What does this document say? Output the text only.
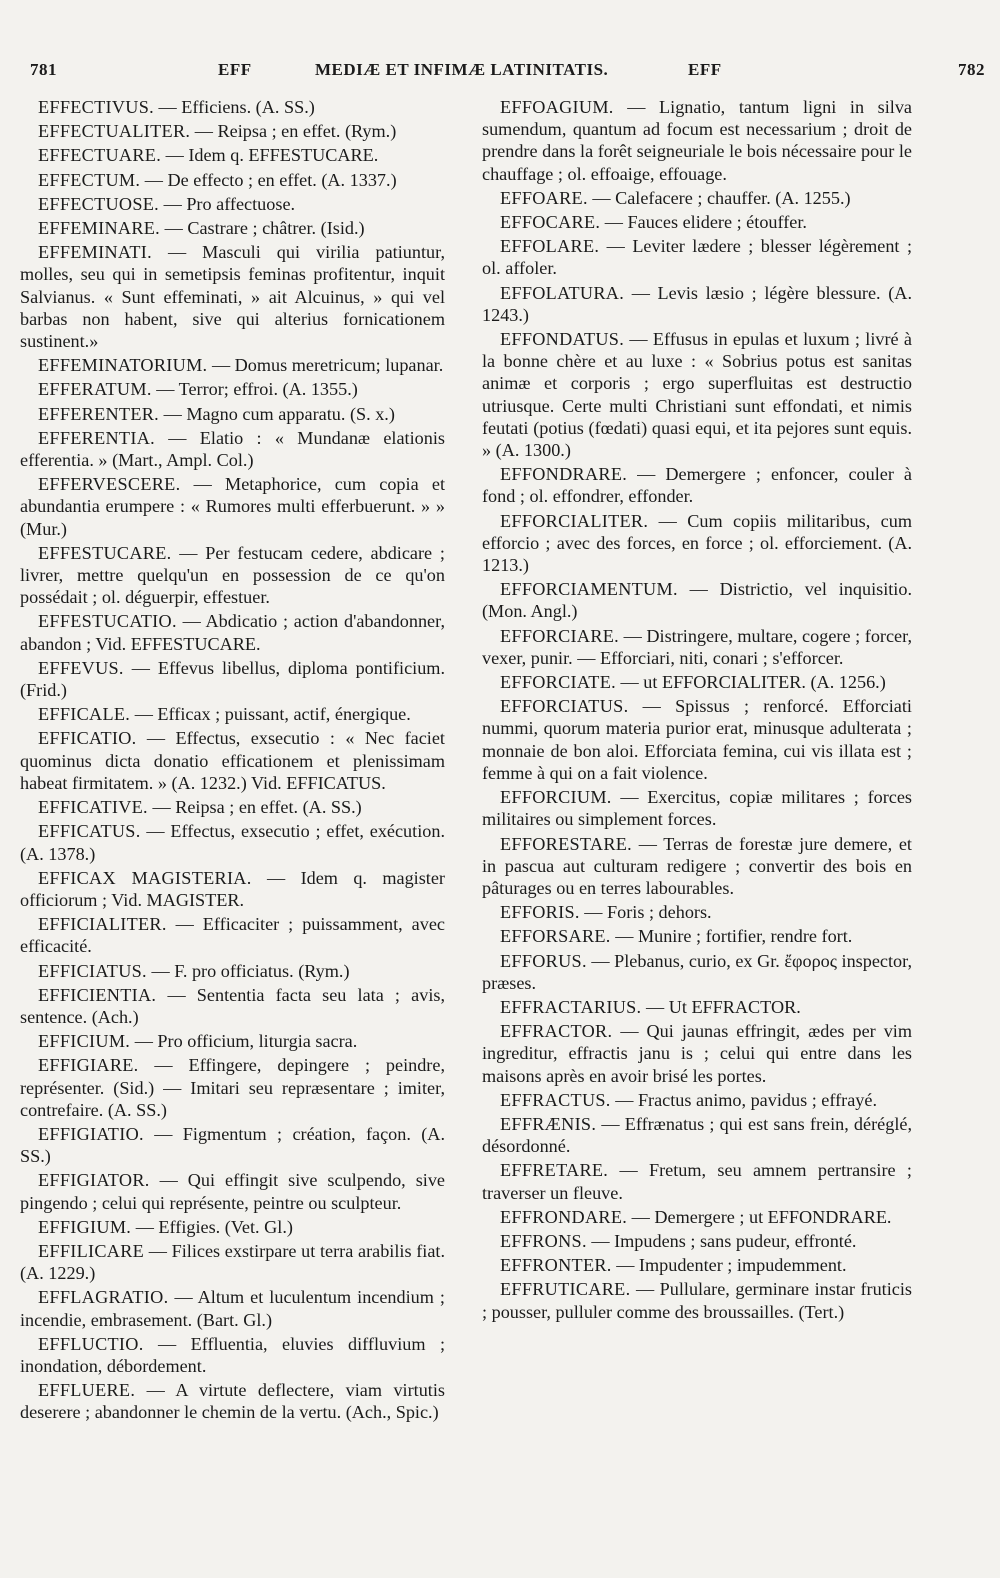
781	EFF	MEDIÆ ET INFIMÆ LATINITATIS.	EFF	782

EFFECTIVUS. — Efficiens. (A. SS.)

EFFECTUALITER. — Reipsa ; en effet. (Rym.)

EFFECTUARE. — Idem q. EFFESTUCARE.

EFFECTUM. — De effecto ; en effet. (A. 1337.)

EFFECTUOSE. — Pro affectuose.

EFFEMINARE. — Castrare ; châtrer. (Isid.)

EFFEMINATI. — Masculi qui virilia patiuntur, molles, seu qui in semetipsis feminas profitentur, inquit Salvianus. « Sunt effeminati, » ait Alcuinus, » qui vel barbas non habent, sive qui alterius fornicationem sustinent.»

EFFEMINATORIUM. — Domus meretricum; lupanar.

EFFERATUM. — Terror; effroi. (A. 1355.)

EFFERENTER. — Magno cum apparatu. (S. x.)

EFFERENTIA. — Elatio : « Mundanæ elationis efferentia. » (Mart., Ampl. Col.)

EFFERVESCERE. — Metaphorice, cum copia et abundantia erumpere : « Rumores multi efferbuerunt. » » (Mur.)

EFFESTUCARE. — Per festucam cedere, abdicare ; livrer, mettre quelqu'un en possession de ce qu'on possédait ; ol. déguerpir, effestuer.

EFFESTUCATIO. — Abdicatio ; action d'abandonner, abandon ; Vid. EFFESTUCARE.

EFFEVUS. — Effevus libellus, diploma pontificium. (Frid.)

EFFICALE. — Efficax ; puissant, actif, énergique.

EFFICATIO. — Effectus, exsecutio : « Nec faciet quominus dicta donatio efficationem et plenissimam habeat firmitatem. » (A. 1232.) Vid. EFFICATUS.

EFFICATIVE. — Reipsa ; en effet. (A. SS.)

EFFICATUS. — Effectus, exsecutio ; effet, exécution. (A. 1378.)

EFFICAX MAGISTERIA. — Idem q. magister officiorum ; Vid. MAGISTER.

EFFICIALITER. — Efficaciter ; puissamment, avec efficacité.

EFFICIATUS. — F. pro officiatus. (Rym.)

EFFICIENTIA. — Sententia facta seu lata ; avis, sentence. (Ach.)

EFFICIUM. — Pro officium, liturgia sacra.

EFFIGIARE. — Effingere, depingere ; peindre, représenter. (Sid.) — Imitari seu repræsentare ; imiter, contrefaire. (A. SS.)

EFFIGIATIO. — Figmentum ; création, façon. (A. SS.)

EFFIGIATOR. — Qui effingit sive sculpendo, sive pingendo ; celui qui représente, peintre ou sculpteur.

EFFIGIUM. — Effigies. (Vet. Gl.)

EFFILICARE — Filices exstirpare ut terra arabilis fiat. (A. 1229.)

EFFLAGRATIO. — Altum et luculentum incendium ; incendie, embrasement. (Bart. Gl.)

EFFLUCTIO. — Effluentia, eluvies diffluvium ; inondation, débordement.

EFFLUERE. — A virtute deflectere, viam virtutis deserere ; abandonner le chemin de la vertu. (Ach., Spic.)

EFFOAGIUM. — Lignatio, tantum ligni in silva sumendum, quantum ad focum est necessarium ; droit de prendre dans la forêt seigneuriale le bois nécessaire pour le chauffage ; ol. effoaige, effouage.

EFFOARE. — Calefacere ; chauffer. (A. 1255.)

EFFOCARE. — Fauces elidere ; étouffer.

EFFOLARE. — Leviter lædere ; blesser légèrement ; ol. affoler.

EFFOLATURA. — Levis læsio ; légère blessure. (A. 1243.)

EFFONDATUS. — Effusus in epulas et luxum ; livré à la bonne chère et au luxe : « Sobrius potus est sanitas animæ et corporis ; ergo superfluitas est destructio utriusque. Certe multi Christiani sunt effondati, et nimis feutati (potius (fœdati) quasi equi, et ita pejores sunt equis. » (A. 1300.)

EFFONDRARE. — Demergere ; enfoncer, couler à fond ; ol. effondrer, effonder.

EFFORCIALITER. — Cum copiis militaribus, cum efforcio ; avec des forces, en force ; ol. efforciement. (A. 1213.)

EFFORCIAMENTUM. — Districtio, vel inquisitio. (Mon. Angl.)

EFFORCIARE. — Distringere, multare, cogere ; forcer, vexer, punir. — Efforciari, niti, conari ; s'efforcer.

EFFORCIATE. — ut EFFORCIALITER. (A. 1256.)

EFFORCIATUS. — Spissus ; renforcé. Efforciati nummi, quorum materia purior erat, minusque adulterata ; monnaie de bon aloi. Efforciata femina, cui vis illata est ; femme à qui on a fait violence.

EFFORCIUM. — Exercitus, copiæ militares ; forces militaires ou simplement forces.

EFFORESTARE. — Terras de forestæ jure demere, et in pascua aut culturam redigere ; convertir des bois en pâturages ou en terres labourables.

EFFORIS. — Foris ; dehors.

EFFORSARE. — Munire ; fortifier, rendre fort.

EFFORUS. — Plebanus, curio, ex Gr. ἔφορος inspector, præses.

EFFRACTARIUS. — Ut EFFRACTOR.

EFFRACTOR. — Qui jaunas effringit, ædes per vim ingreditur, effractis janu is ; celui qui entre dans les maisons après en avoir brisé les portes.

EFFRACTUS. — Fractus animo, pavidus ; effrayé.

EFFRÆNIS. — Effrænatus ; qui est sans frein, déréglé, désordonné.

EFFRETARE. — Fretum, seu amnem pertransire ; traverser un fleuve.

EFFRONDARE. — Demergere ; ut EFFONDRARE.

EFFRONS. — Impudens ; sans pudeur, effronté.

EFFRONTER. — Impudenter ; impudemment.

EFFRUTICARE. — Pullulare, germinare instar fruticis ; pousser, pulluler comme des broussailles. (Tert.)
